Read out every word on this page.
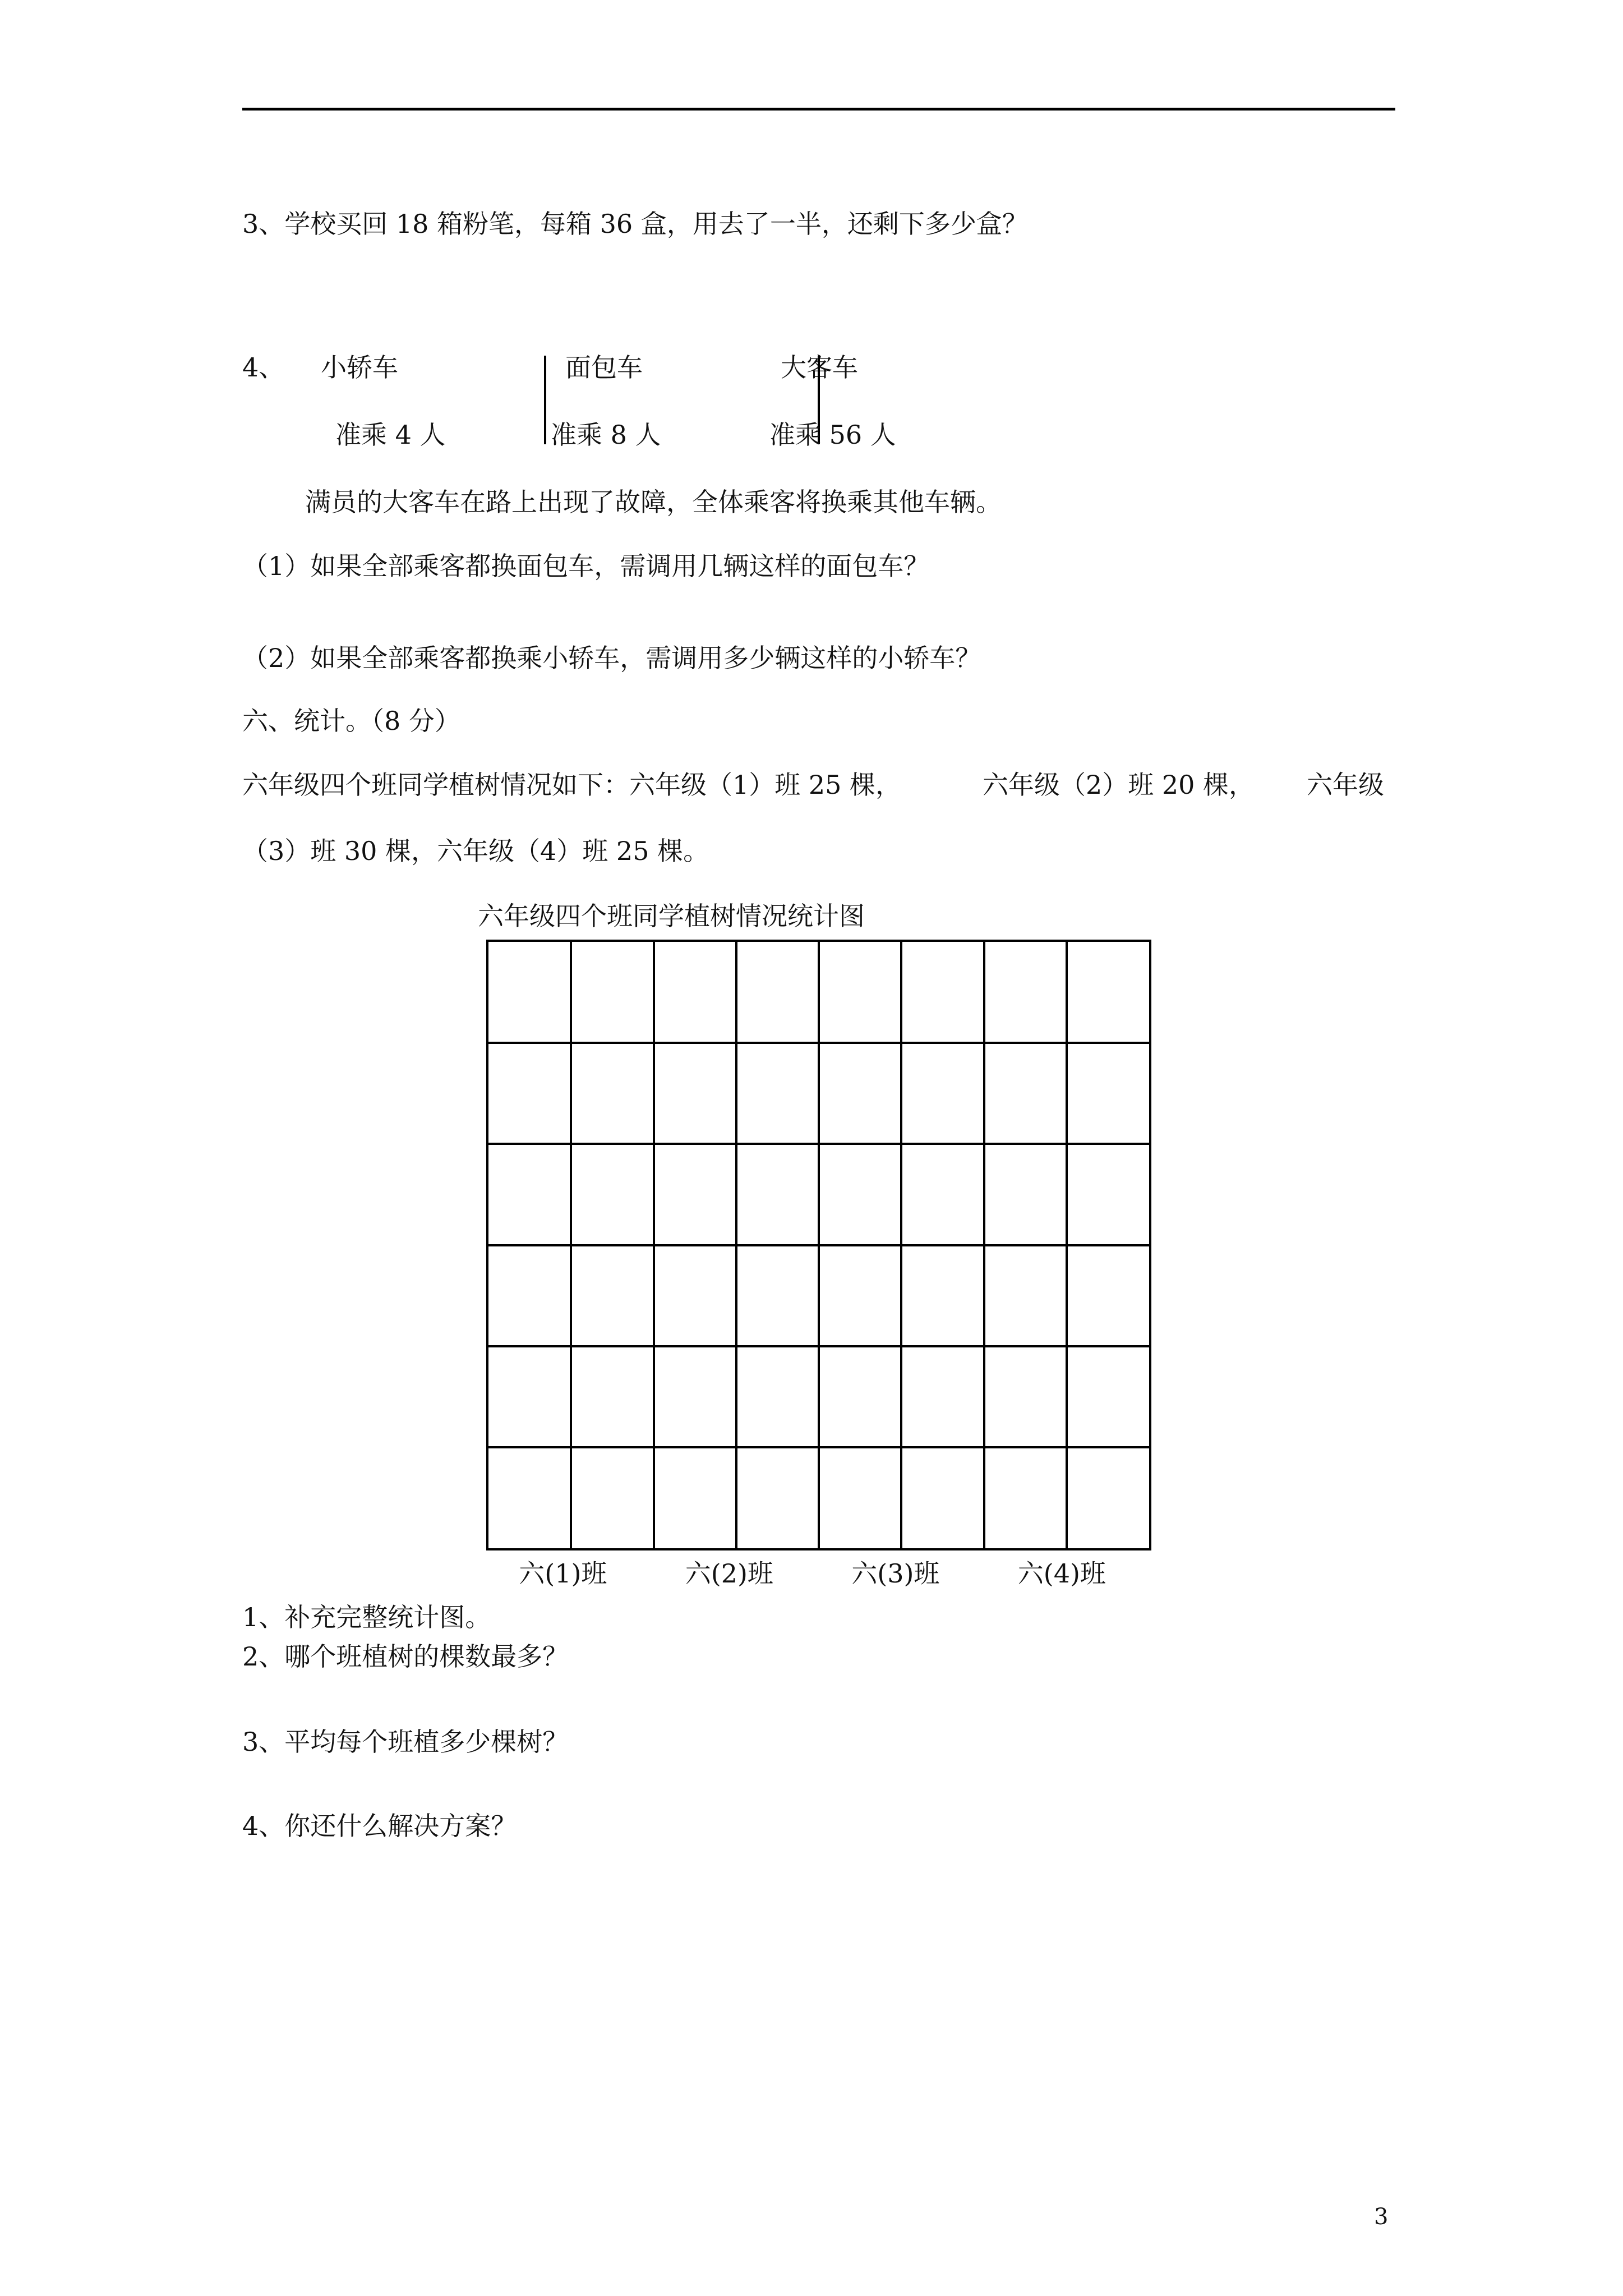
3、学校买回 18 箱粉笔，每箱 36 盒，用去了一半，还剩下多少盒？
4、 小轿车	面包车	大客车
准乘 4 人	准乘 8 人	准乘 56 人
满员的大客车在路上出现了故障，全体乘客将换乘其他车辆。
（1）如果全部乘客都换面包车，需调用几辆这样的面包车？
（2）如果全部乘客都换乘小轿车，需调用多少辆这样的小轿车？
六、统计。（8 分）
六年级四个班同学植树情况如下：六年级（1）班 25 棵，	六年级（2）班 20 棵， 六年级
（3）班 30 棵，六年级（4）班 25 棵。
六年级四个班同学植树情况统计图
六(1)班	六(2)班	六(3)班	六(4)班
1、补充完整统计图。
2、哪个班植树的棵数最多？
3、平均每个班植多少棵树？
4、你还什么解决方案？
3
